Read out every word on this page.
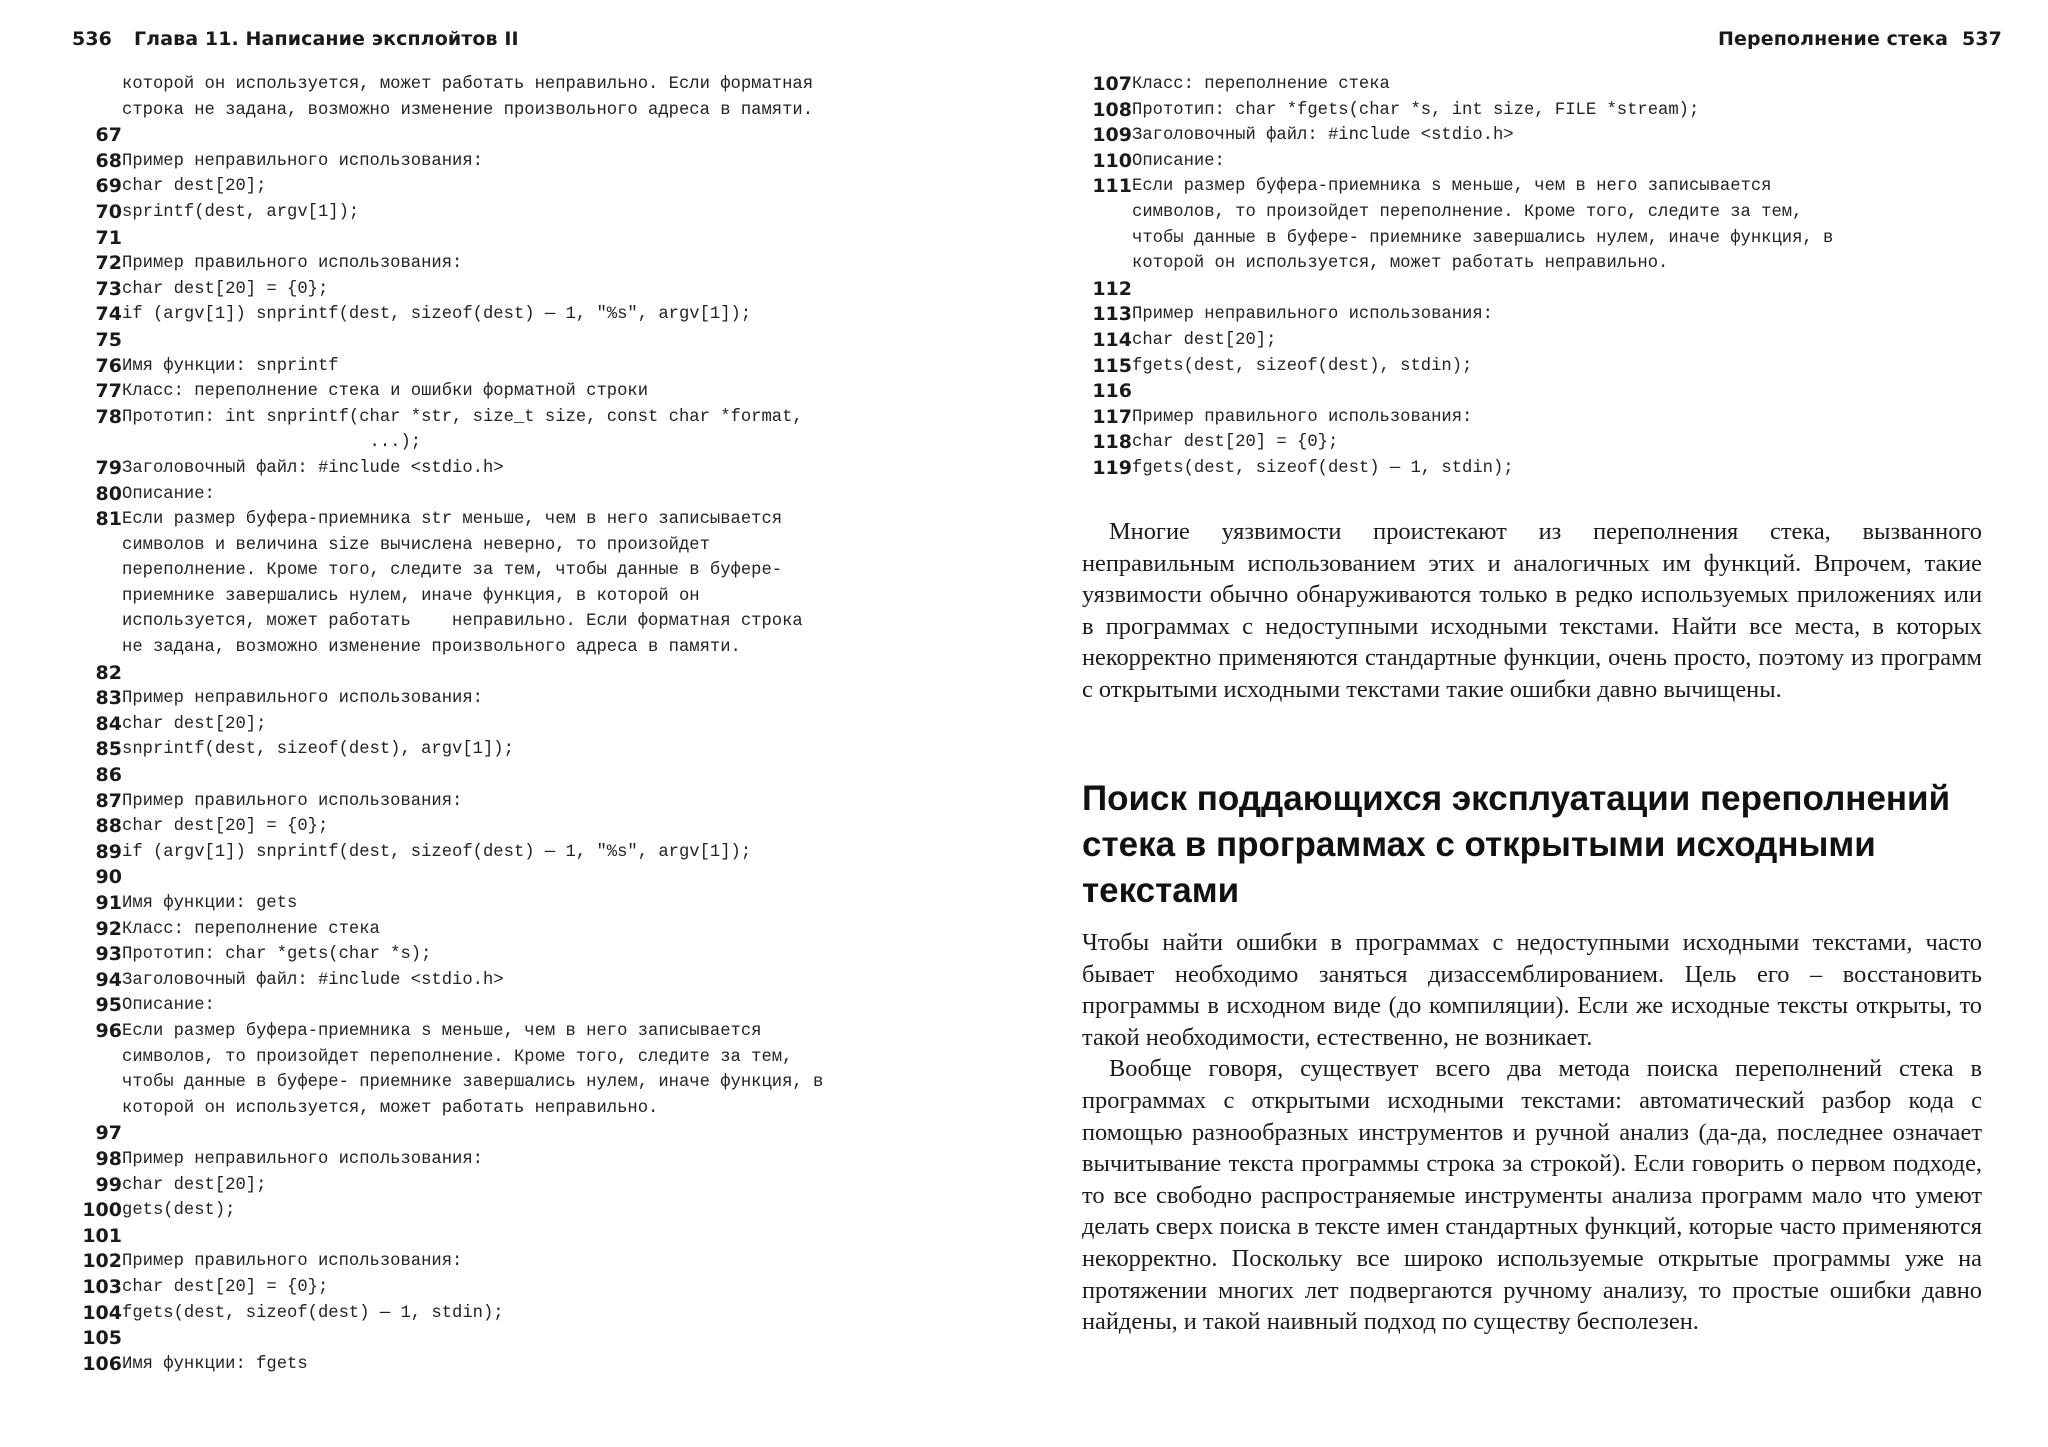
536 Глава 11. Написание эксплойтов II
которой он используется, может работать неправильно. Если форматная
строка не задана, возможно изменение произвольного адреса в памяти.
67
68 Пример неправильного использования:
69 char dest[20];
70 sprintf(dest, argv[1]);
71
72 Пример правильного использования:
73 char dest[20] = {0};
74 if (argv[1]) snprintf(dest, sizeof(dest) — 1, "%s", argv[1]);
75
76 Имя функции: snprintf
77 Класс: переполнение стека и ошибки форматной строки
78 Прототип: int snprintf(char *str, size_t size, const char *format,
...);
79 Заголовочный файл: #include <stdio.h>
80 Описание:
81 Если размер буфера-приемника str меньше, чем в него записывается
символов и величина size вычислена неверно, то произойдет
переполнение. Кроме того, следите за тем, чтобы данные в буфере-
приемнике завершались нулем, иначе функция, в которой он
используется, может работать    неправильно. Если форматная строка
не задана, возможно изменение произвольного адреса в памяти.
82
83 Пример неправильного использования:
84 char dest[20];
85 snprintf(dest, sizeof(dest), argv[1]);
86
87 Пример правильного использования:
88 char dest[20] = {0};
89 if (argv[1]) snprintf(dest, sizeof(dest) — 1, "%s", argv[1]);
90
91 Имя функции: gets
92 Класс: переполнение стека
93 Прототип: char *gets(char *s);
94 Заголовочный файл: #include <stdio.h>
95 Описание:
96 Если размер буфера-приемника s меньше, чем в него записывается
символов, то произойдет переполнение. Кроме того, следите за тем,
чтобы данные в буфере- приемнике завершались нулем, иначе функция, в
которой он используется, может работать неправильно.
97
98 Пример неправильного использования:
99 char dest[20];
100 gets(dest);
101
102 Пример правильного использования:
103 char dest[20] = {0};
104 fgets(dest, sizeof(dest) — 1, stdin);
105
106 Имя функции: fgets
Переполнение стека 537
107 Класс: переполнение стека
108 Прототип: char *fgets(char *s, int size, FILE *stream);
109 Заголовочный файл: #include <stdio.h>
110 Описание:
111 Если размер буфера-приемника s меньше, чем в него записывается
символов, то произойдет переполнение. Кроме того, следите за тем,
чтобы данные в буфере- приемнике завершались нулем, иначе функция, в
которой он используется, может работать неправильно.
112
113 Пример неправильного использования:
114 char dest[20];
115 fgets(dest, sizeof(dest), stdin);
116
117 Пример правильного использования:
118 char dest[20] = {0};
119 fgets(dest, sizeof(dest) — 1, stdin);

Многие уязвимости проистекают из переполнения стека, вызванного неправильным использованием этих и аналогичных им функций. Впрочем, такие уязвимости обычно обнаруживаются только в редко используемых приложениях или в программах с недоступными исходными текстами. Найти все места, в которых некорректно применяются стандартные функции, очень просто, поэтому из программ с открытыми исходными текстами такие ошибки давно вычищены.

Поиск поддающихся эксплуатации переполнений стека в программах с открытыми исходными текстами

Чтобы найти ошибки в программах с недоступными исходными текстами, часто бывает необходимо заняться дизассемблированием. Цель его – восстановить программы в исходном виде (до компиляции). Если же исходные тексты открыты, то такой необходимости, естественно, не возникает.

Вообще говоря, существует всего два метода поиска переполнений стека в программах с открытыми исходными текстами: автоматический разбор кода с помощью разнообразных инструментов и ручной анализ (да-да, последнее означает вычитывание текста программы строка за строкой). Если говорить о первом подходе, то все свободно распространяемые инструменты анализа программ мало что умеют делать сверх поиска в тексте имен стандартных функций, которые часто применяются некорректно. Поскольку все широко используемые открытые программы уже на протяжении многих лет подвергаются ручному анализу, то простые ошибки давно найдены, и такой наивный подход по существу бесполезен.
